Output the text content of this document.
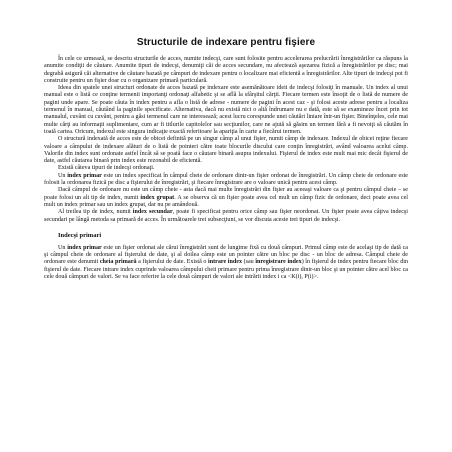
Structurile de indexare pentru fişiere

În cele ce urmează, se descriu structurile de acces, numite indecşi, care sunt folosite pentru accelerarea prelucrării înregistrărilor ca răspuns la anumite condiţii de căutare. Anumite tipuri de indecşi, denumiţi căi de acces secundare, nu afectează aşezarea fizică a înregistrărilor pe disc; mai degrabă asigură căi alternative de căutare bazată pe câmpuri de indexare pentru o localizare mai eficientă a înregistrărilor. Alte tipuri de indecşi pot fi construite pentru un fişier doar cu o organizare primară particulară.

Ideea din spatele unei structuri ordonate de acces bazată pe indexare este asemănătoare ideii de indecşi folosiţi în manuale. Un index al unui manual este o listă ce conţine termenii importanţi ordonaţi alfabetic şi se află la sfârşitul cărţii. Fiecare termen este însoţit de o listă de numere de pagini unde apare. Se poate căuta în index pentru a afla o listă de adrese - numere de pagini în acest caz - şi folosi aceste adrese pentru a localiza termenul în manual, căutând la paginile specificate. Alternativa, dacă nu există nici o altă îndrumare nu e dată, este să se examineze încet prin tot manualul, cuvânt cu cuvânt, pentru a găsi termenul care ne interesează; acest lucru corespunde unei căutări liniare într-un fişier. Bineînţeles, cele mai multe cărţi au informaţii suplimentare, cum ar fi titlurile capitolelor sau secţiunilor, care ne ajută să găsim un termen fără a fi nevoiţi să căutăm în toată cartea. Oricum, indexul este singura indicaţie exactă referitoare la apariţia în carte a fiecărui termen.

O structură indexată de acces este de obicei definită pe un singur câmp al unui fişier, numit câmp de indexare. Indexul de obicei reţine fiecare valoare a câmpului de indexare alături de o listă de pointeri către toate blocurile discului care conţin înregistrări, având valoarea acelui câmp. Valorile din index sunt ordonate astfel încât să se poată face o căutare binară asupra indexului. Fişierul de index este mult mai mic decât fişierul de date, astfel căutarea binară prin index este rezonabil de eficientă.

Există câteva tipuri de indecşi ordonaţi.

Un index primar este un index specificat în câmpul cheie de ordonare dintr-un fişier ordonat de înregistrări. Un câmp cheie de ordonare este folosit la ordonarea fizică pe disc a fişierului de înregistrări, şi fiecare înregistrare are o valoare unică pentru acest câmp.

Dacă câmpul de ordonare nu este un câmp cheie - asta dacă mai multe înregistrări din fişier au aceeaşi valoare ca şi pentru câmpul cheie – se poate folosi un alt tip de index, numit index grupat. A se observa că un fişier poate avea cel mult un câmp fizic de ordonare, deci poate avea cel mult un index primar sau un index grupat, dar nu pe amândouă.

Al treilea tip de index, numit index secundar, poate fi specificat pentru orice câmp sau fişier neordonat. Un fişier poate avea câţiva indecşi secundari pe lângă metoda sa primară de acces. În următoarele trei subsecţiuni, se vor discuta aceste trei tipuri de indecşi.

Indecşi primari

Un index primar este un fişier ordonat ale cărui înregistrări sunt de lungime fixă cu două câmpuri. Primul câmp este de acelaşi tip de dată ca şi câmpul cheie de ordonare al fişierului de date, şi al doilea câmp este un pointer către un bloc pe disc - un bloc de adresa. Câmpul cheie de ordonare este denumit cheia primară a fişierului de date. Există o intrare index (sau înregistrare index) în fişierul de index pentru fiecare bloc din fişierul de date. Fiecare intrare index cuprinde valoarea câmpului cheii primare pentru prima înregistrare dintr-un bloc şi un pointer către acel bloc ca cele două câmpuri de valori. Se va face referire la cele două câmpuri de valori ale intrării index i ca <K(i), P(i)>.
